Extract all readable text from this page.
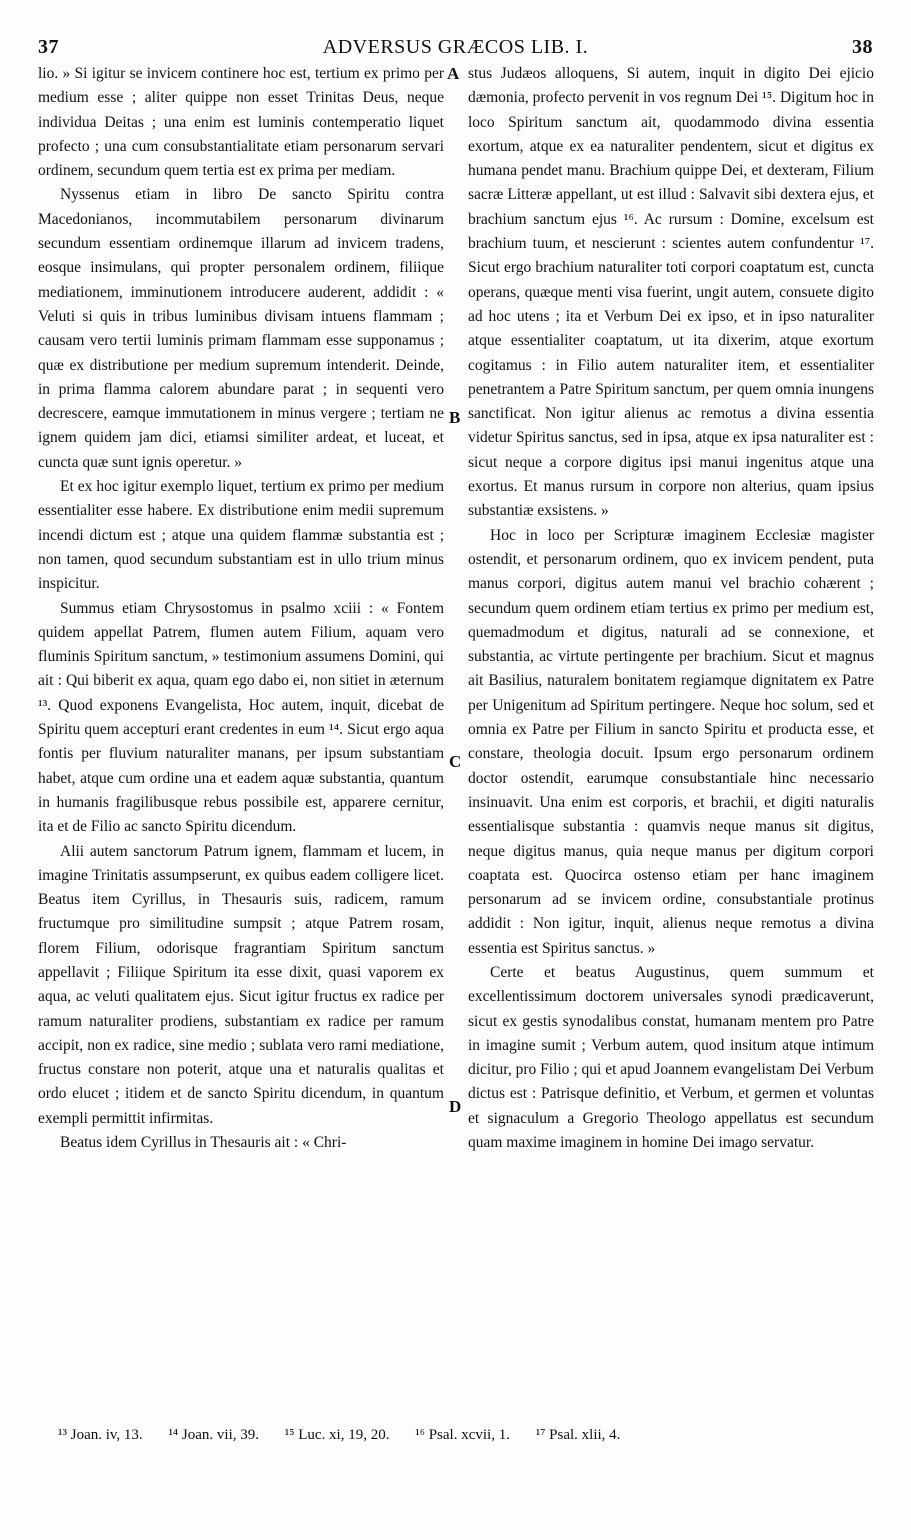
37	ADVERSUS GRÆCOS LIB. I.	38

lio. » Si igitur se invicem continere hoc est, tertium ex primo per medium esse ; aliter quippe non esset Trinitas Deus, neque individua Deitas ; una enim est luminis contemperatio liquet profecto ; una cum consubstantialitate etiam personarum servari ordinem, secundum quem tertia est ex prima per mediam.

Nyssenus etiam in libro De sancto Spiritu contra Macedonianos, incommutabilem personarum divinarum secundum essentiam ordinemque illarum ad invicem tradens, eosque insimulans, qui propter personalem ordinem, filiique mediationem, imminutionem introducere auderent, addidit : « Veluti si quis in tribus luminibus divisam intuens flammam ; causam vero tertii luminis primam flammam esse supponamus ; quæ ex distributione per medium supremum intenderit. Deinde, in prima flamma calorem abundare parat ; in sequenti vero decrescere, eamque immutationem in minus vergere ; tertiam ne ignem quidem jam dici, etiamsi similiter ardeat, et luceat, et cuncta quæ sunt ignis operetur. »

Et ex hoc igitur exemplo liquet, tertium ex primo per medium essentialiter esse habere. Ex distributione enim medii supremum incendi dictum est ; atque una quidem flammæ substantia est ; non tamen, quod secundum substantiam est in ullo trium minus inspicitur.

Summus etiam Chrysostomus in psalmo xciii : « Fontem quidem appellat Patrem, flumen autem Filium, aquam vero fluminis Spiritum sanctum, » testimonium assumens Domini, qui ait : Qui biberit ex aqua, quam ego dabo ei, non sitiet in æternum ¹³. Quod exponens Evangelista, Hoc autem, inquit, dicebat de Spiritu quem accepturi erant credentes in eum ¹⁴. Sicut ergo aqua fontis per fluvium naturaliter manans, per ipsum substantiam habet, atque cum ordine una et eadem aquæ substantia, quantum in humanis fragilibusque rebus possibile est, apparere cernitur, ita et de Filio ac sancto Spiritu dicendum.

Alii autem sanctorum Patrum ignem, flammam et lucem, in imagine Trinitatis assumpserunt, ex quibus eadem colligere licet. Beatus item Cyrillus, in Thesauris suis, radicem, ramum fructumque pro similitudine sumpsit ; atque Patrem rosam, florem Filium, odorisque fragrantiam Spiritum sanctum appellavit ; Filiique Spiritum ita esse dixit, quasi vaporem ex aqua, ac veluti qualitatem ejus. Sicut igitur fructus ex radice per ramum naturaliter prodiens, substantiam ex radice per ramum accipit, non ex radice, sine medio ; sublata vero rami mediatione, fructus constare non poterit, atque una et naturalis qualitas et ordo elucet ; itidem et de sancto Spiritu dicendum, in quantum exempli permittit infirmitas.

Beatus idem Cyrillus in Thesauris ait : « Chri-

stus Judæos alloquens, Si autem, inquit in digito Dei ejicio dæmonia, profecto pervenit in vos regnum Dei ¹⁵. Digitum hoc in loco Spiritum sanctum ait, quodammodo divina essentia exortum, atque ex ea naturaliter pendentem, sicut et digitus ex humana pendet manu. Brachium quippe Dei, et dexteram, Filium sacræ Litteræ appellant, ut est illud : Salvavit sibi dextera ejus, et brachium sanctum ejus ¹⁶. Ac rursum : Domine, excelsum est brachium tuum, et nescierunt : scientes autem confundentur ¹⁷. Sicut ergo brachium naturaliter toti corpori coaptatum est, cuncta operans, quæque menti visa fuerint, ungit autem, consuete digito ad hoc utens ; ita et Verbum Dei ex ipso, et in ipso naturaliter atque essentialiter coaptatum, ut ita dixerim, atque exortum cogitamus : in Filio autem naturaliter item, et essentialiter penetrantem a Patre Spiritum sanctum, per quem omnia inungens sanctificat. Non igitur alienus ac remotus a divina essentia videtur Spiritus sanctus, sed in ipsa, atque ex ipsa naturaliter est : sicut neque a corpore digitus ipsi manui ingenitus atque una exortus. Et manus rursum in corpore non alterius, quam ipsius substantiæ exsistens. »

Hoc in loco per Scripturæ imaginem Ecclesiæ magister ostendit, et personarum ordinem, quo ex invicem pendent, puta manus corpori, digitus autem manui vel brachio cohærent ; secundum quem ordinem etiam tertius ex primo per medium est, quemadmodum et digitus, naturali ad se connexione, et substantia, ac virtute pertingente per brachium. Sicut et magnus ait Basilius, naturalem bonitatem regiamque dignitatem ex Patre per Unigenitum ad Spiritum pertingere. Neque hoc solum, sed et omnia ex Patre per Filium in sancto Spiritu et producta esse, et constare, theologia docuit. Ipsum ergo personarum ordinem doctor ostendit, earumque consubstantiale hinc necessario insinuavit. Una enim est corporis, et brachii, et digiti naturalis essentialisque substantia : quamvis neque manus sit digitus, neque digitus manus, quia neque manus per digitum corpori coaptata est. Quocirca ostenso etiam per hanc imaginem personarum ad se invicem ordine, consubstantiale protinus addidit : Non igitur, inquit, alienus neque remotus a divina essentia est Spiritus sanctus. »

Certe et beatus Augustinus, quem summum et excellentissimum doctorem universales synodi prædicaverunt, sicut ex gestis synodalibus constat, humanam mentem pro Patre in imagine sumit ; Verbum autem, quod insitum atque intimum dicitur, pro Filio ; qui et apud Joannem evangelistam Dei Verbum dictus est : Patrisque definitio, et Verbum, et germen et voluntas et signaculum a Gregorio Theologo appellatus est secundum quam maxime imaginem in homine Dei imago servatur.

A
B
C
D
¹³ Joan. iv, 13. ¹⁴ Joan. vii, 39. ¹⁵ Luc. xi, 19, 20. ¹⁶ Psal. xcvii, 1. ¹⁷ Psal. xlii, 4.
